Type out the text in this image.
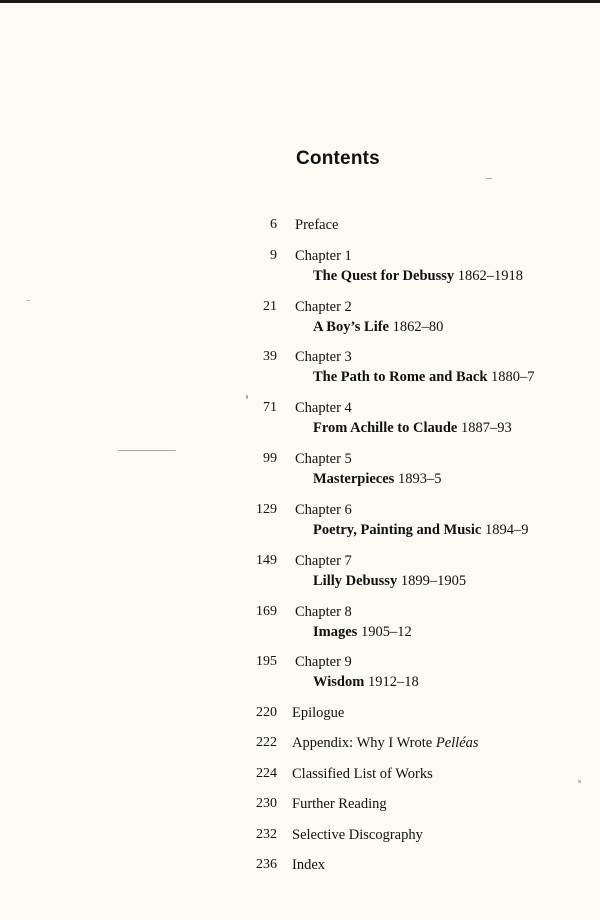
Contents
6 Preface
9 Chapter 1
The Quest for Debussy 1862–1918
21 Chapter 2
A Boy’s Life 1862–80
39 Chapter 3
The Path to Rome and Back 1880–7
71 Chapter 4
From Achille to Claude 1887–93
99 Chapter 5
Masterpieces 1893–5
129 Chapter 6
Poetry, Painting and Music 1894–9
149 Chapter 7
Lilly Debussy 1899–1905
169 Chapter 8
Images 1905–12
195 Chapter 9
Wisdom 1912–18
220 Epilogue
222 Appendix: Why I Wrote Pelléas
224 Classified List of Works
230 Further Reading
232 Selective Discography
236 Index
